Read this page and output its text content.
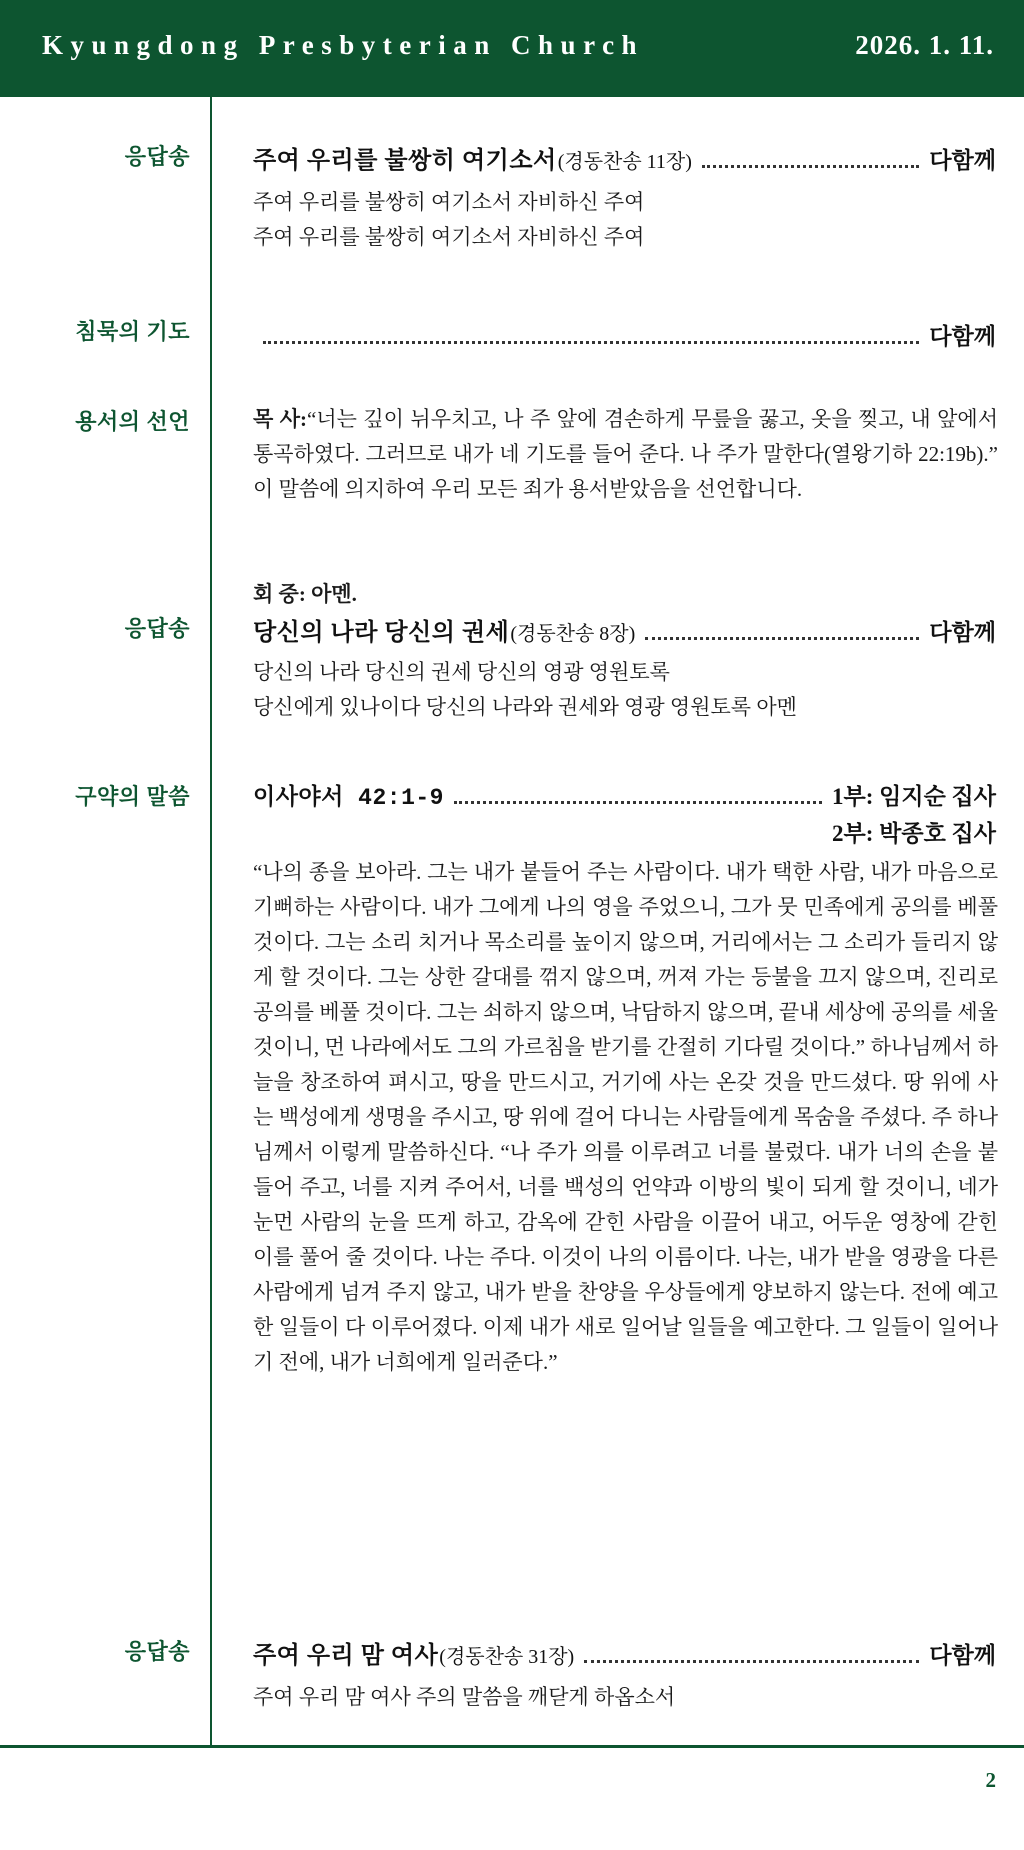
Kyungdong Presbyterian Church	2026. 1. 11.
2
응답송	주여 우리를 불쌍히 여기소서 (경동찬송 11장)	다함께
주여 우리를 불쌍히 여기소서 자비하신 주여
주여 우리를 불쌍히 여기소서 자비하신 주여
침묵의 기도	다함께
용서의 선언	목 사:“너는 깊이 뉘우치고, 나 주 앞에 겸손하게 무릎을 꿇고, 옷을 찢고, 내 앞에서 통곡하였다. 그러므로 내가 네 기도를 들어 준다. 나 주가 말한다(열왕기하 22:19b).” 이 말씀에 의지하여 우리 모든 죄가 용서받았음을 선언합니다.
회 중: 아멘.
응답송	당신의 나라 당신의 권세 (경동찬송 8장)	다함께
당신의 나라 당신의 권세 당신의 영광 영원토록
당신에게 있나이다 당신의 나라와 권세와 영광 영원토록 아멘
구약의 말씀	이사야서 42:1-9	1부: 임지순 집사
2부: 박종호 집사
“나의 종을 보아라. 그는 내가 붙들어 주는 사람이다. 내가 택한 사람, 내가 마음으로 기뻐하는 사람이다. 내가 그에게 나의 영을 주었으니, 그가 뭇 민족에게 공의를 베풀 것이다. 그는 소리 치거나 목소리를 높이지 않으며, 거리에서는 그 소리가 들리지 않게 할 것이다. 그는 상한 갈대를 꺾지 않으며, 꺼져 가는 등불을 끄지 않으며, 진리로 공의를 베풀 것이다. 그는 쇠하지 않으며, 낙담하지 않으며, 끝내 세상에 공의를 세울 것이니, 먼 나라에서도 그의 가르침을 받기를 간절히 기다릴 것이다.” 하나님께서 하늘을 창조하여 펴시고, 땅을 만드시고, 거기에 사는 온갖 것을 만드셨다. 땅 위에 사는 백성에게 생명을 주시고, 땅 위에 걸어 다니는 사람들에게 목숨을 주셨다. 주 하나님께서 이렇게 말씀하신다. “나 주가 의를 이루려고 너를 불렀다. 내가 너의 손을 붙들어 주고, 너를 지켜 주어서, 너를 백성의 언약과 이방의 빛이 되게 할 것이니, 네가 눈먼 사람의 눈을 뜨게 하고, 감옥에 갇힌 사람을 이끌어 내고, 어두운 영창에 갇힌 이를 풀어 줄 것이다. 나는 주다. 이것이 나의 이름이다. 나는, 내가 받을 영광을 다른 사람에게 넘겨 주지 않고, 내가 받을 찬양을 우상들에게 양보하지 않는다. 전에 예고한 일들이 다 이루어졌다. 이제 내가 새로 일어날 일들을 예고한다. 그 일들이 일어나기 전에, 내가 너희에게 일러준다.”
응답송	주여 우리 맘 여사 (경동찬송 31장)	다함께
주여 우리 맘 여사 주의 말씀을 깨닫게 하옵소서
